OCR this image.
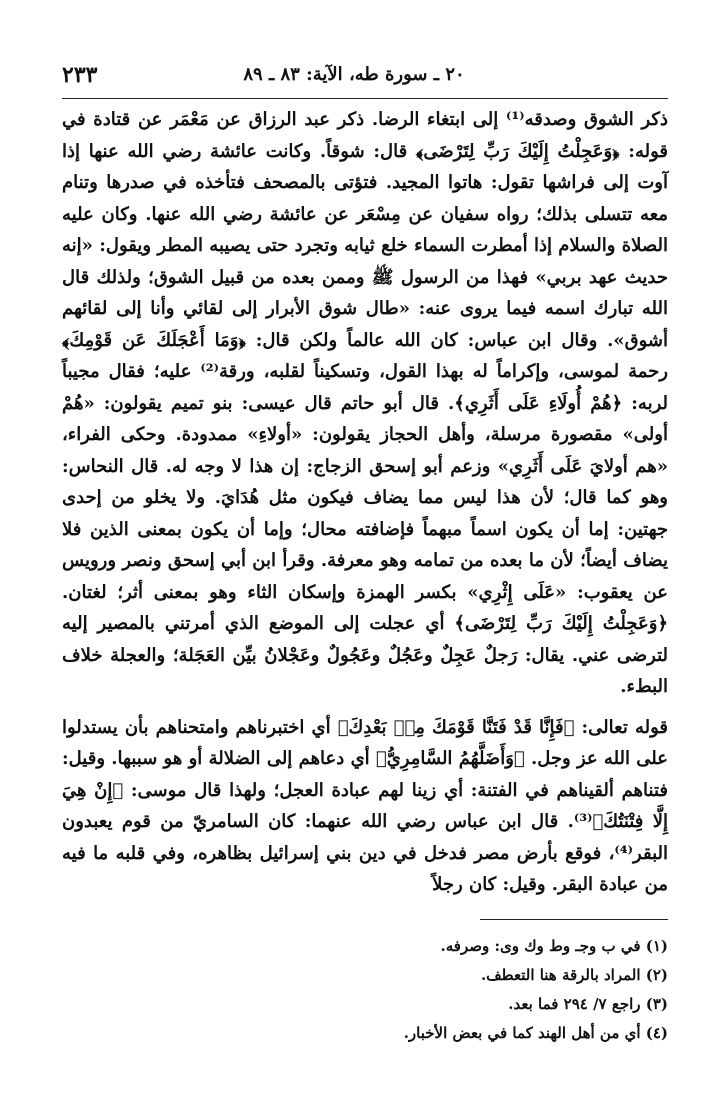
٢٣٣	٢٠ ـ سورة طه، الآية: ٨٣ ـ ٨٩

ذكر الشوق وصدقه⁽¹⁾ إلى ابتغاء الرضا. ذكر عبد الرزاق عن مَعْمَر عن قتادة في قوله: ﴿وَعَجِلْتُ إِلَيْكَ رَبِّ لِتَرْضَى﴾ قال: شوقاً. وكانت عائشة رضي الله عنها إذا آوت إلى فراشها تقول: هاتوا المجيد. فتؤتى بالمصحف فتأخذه في صدرها وتنام معه تتسلى بذلك؛ رواه سفيان عن مِسْعَر عن عائشة رضي الله عنها. وكان عليه الصلاة والسلام إذا أمطرت السماء خلع ثيابه وتجرد حتى يصيبه المطر ويقول: «إنه حديث عهد بربي» فهذا من الرسول ﷺ وممن بعده من قبيل الشوق؛ ولذلك قال الله تبارك اسمه فيما يروى عنه: «طال شوق الأبرار إلى لقائي وأنا إلى لقائهم أشوق». وقال ابن عباس: كان الله عالماً ولكن قال: ﴿وَمَا أَعْجَلَكَ عَن قَوْمِكَ﴾ رحمة لموسى، وإكراماً له بهذا القول، وتسكيناً لقلبه، ورقة⁽²⁾ عليه؛ فقال مجيباً لربه: ﴿هُمْ أُولَاءِ عَلَى أَثَرِي﴾. قال أبو حاتم قال عيسى: بنو تميم يقولون: «هُمْ أولى» مقصورة مرسلة، وأهل الحجاز يقولون: «أولاءِ» ممدودة. وحكى الفراء، «هم أولايَ عَلَى أَثَرِي» وزعم أبو إسحق الزجاج: إن هذا لا وجه له. قال النحاس: وهو كما قال؛ لأن هذا ليس مما يضاف فيكون مثل هُدَايَ. ولا يخلو من إحدى جهتين: إما أن يكون اسماً مبهماً فإضافته محال؛ وإما أن يكون بمعنى الذين فلا يضاف أيضاً؛ لأن ما بعده من تمامه وهو معرفة. وقرأ ابن أبي إسحق ونصر ورويس عن يعقوب: «عَلَى إِثْرِي» بكسر الهمزة وإسكان الثاء وهو بمعنى أثر؛ لغتان. ﴿وَعَجِلْتُ إِلَيْكَ رَبِّ لِتَرْضَى﴾ أي عجلت إلى الموضع الذي أمرتني بالمصير إليه لترضى عني. يقال: رَجلٌ عَجِلٌ وعَجُلٌ وعَجُولٌ وعَجْلانُ بيِّن العَجَلة؛ والعجلة خلاف البطء.

قوله تعالى: ﴿فَإِنَّا قَدْ فَتَنَّا قَوْمَكَ مِنۢ بَعْدِكَ﴾ أي اختبرناهم وامتحناهم بأن يستدلوا على الله عز وجل. ﴿وَأَضَلَّهُمُ السَّامِرِيُّ﴾ أي دعاهم إلى الضلالة أو هو سببها. وقيل: فتناهم ألقيناهم في الفتنة: أي زينا لهم عبادة العجل؛ ولهذا قال موسى: ﴿إِنْ هِيَ إِلَّا فِتْنَتُكَ﴾⁽³⁾. قال ابن عباس رضي الله عنهما: كان السامريّ من قوم يعبدون البقر⁽⁴⁾، فوقع بأرض مصر فدخل في دين بني إسرائيل بظاهره، وفي قلبه ما فيه من عبادة البقر. وقيل: كان رجلاً

(١) في ب وجـ وط وك وى: وصرفه.
(٢) المراد بالرقة هنا التعطف.
(٣) راجع ٧/ ٢٩٤ فما بعد.
(٤) أي من أهل الهند كما في بعض الأخبار.
